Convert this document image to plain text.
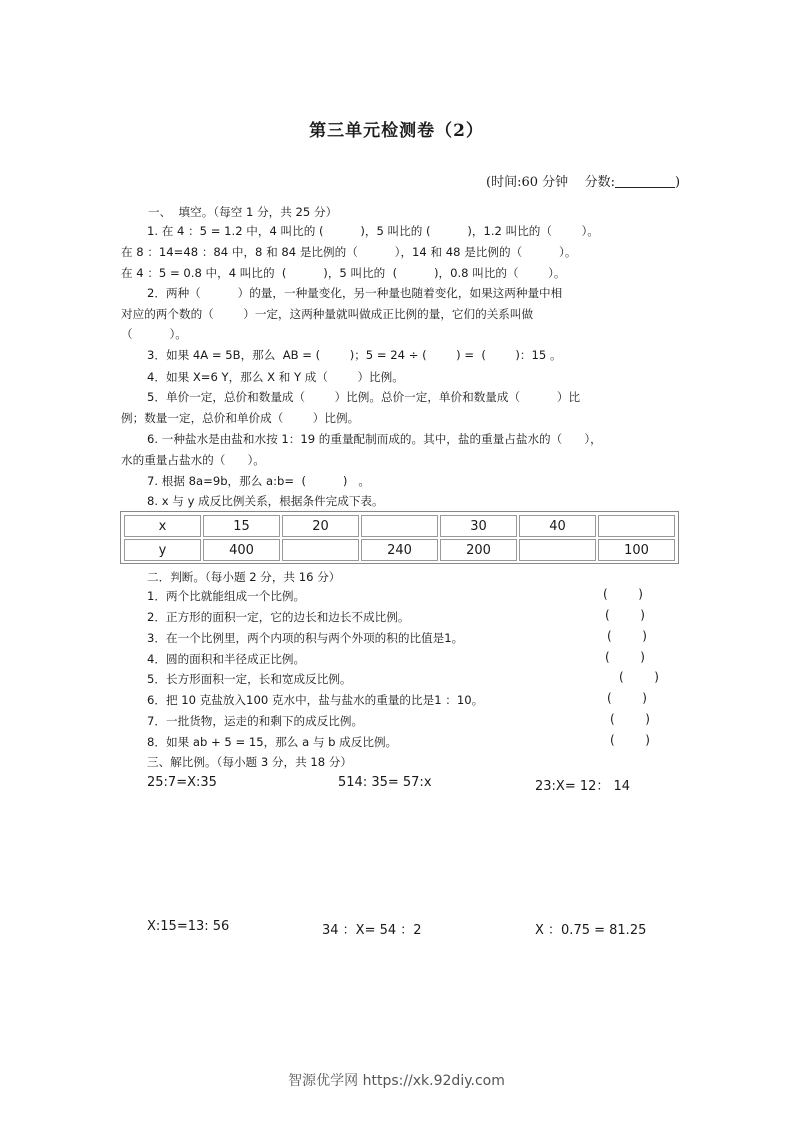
第三单元检测卷（2）
(时间:60 分钟    分数:	)
一、  填空。（每空 1 分，共 25 分）
1. 在 4 ：5 = 1.2 中，4 叫比的 (          )，5 叫比的 (          )，1.2 叫比的（        ）。
在 8 ：14=48 ：84 中，8 和 84 是比例的（          ），14 和 48 是比例的（          ）。
在 4 ：5 = 0.8 中，4 叫比的  (          )，5 叫比的  (          )，0.8 叫比的（        ）。
2．两种（          ）的量，一种量变化，另一种量也随着变化，如果这两种量中相
对应的两个数的（        ）一定，这两种量就叫做成正比例的量，它们的关系叫做
（          ）。
3．如果 4A = 5B，那么  AB = (        )；5 = 24 ÷ (        ) =  (        )：15 。
4．如果 X=6 Y，那么 X 和 Y 成（        ）比例。
5．单价一定，总价和数量成（        ）比例。总价一定，单价和数量成（          ）比
例；数量一定，总价和单价成（        ）比例。
6. 一种盐水是由盐和水按 1：19 的重量配制而成的。其中，盐的重量占盐水的（      ），
水的重量占盐水的（      ）。
7. 根据 8a=9b，那么 a:b=  (          )   。
8. x 与 y 成反比例关系，根据条件完成下表。
x	15	20		30	40	
y	400		240	200		100
二．判断。（每小题 2 分，共 16 分）
1．两个比就能组成一个比例。	(        )
2．正方形的面积一定，它的边长和边长不成比例。	(        )
3．在一个比例里，两个内项的积与两个外项的积的比值是1。	(        )
4．圆的面积和半径成正比例。	(        )
5．长方形面积一定，长和宽成反比例。	(        )
6．把 10 克盐放入100 克水中，盐与盐水的重量的比是1 ：10。	(        )
7．一批货物，运走的和剩下的成反比例。	(        )
8．如果 ab + 5 = 15，那么 a 与 b 成反比例。	(        )
三、解比例。（每小题 3 分，共 18 分）
25:7=X:35	514: 35= 57:x	23:X= 12： 14
X:15=13: 56	34 ：X= 54 ：2	X ：0.75 = 81.25
智源优学网 https://xk.92diy.com
